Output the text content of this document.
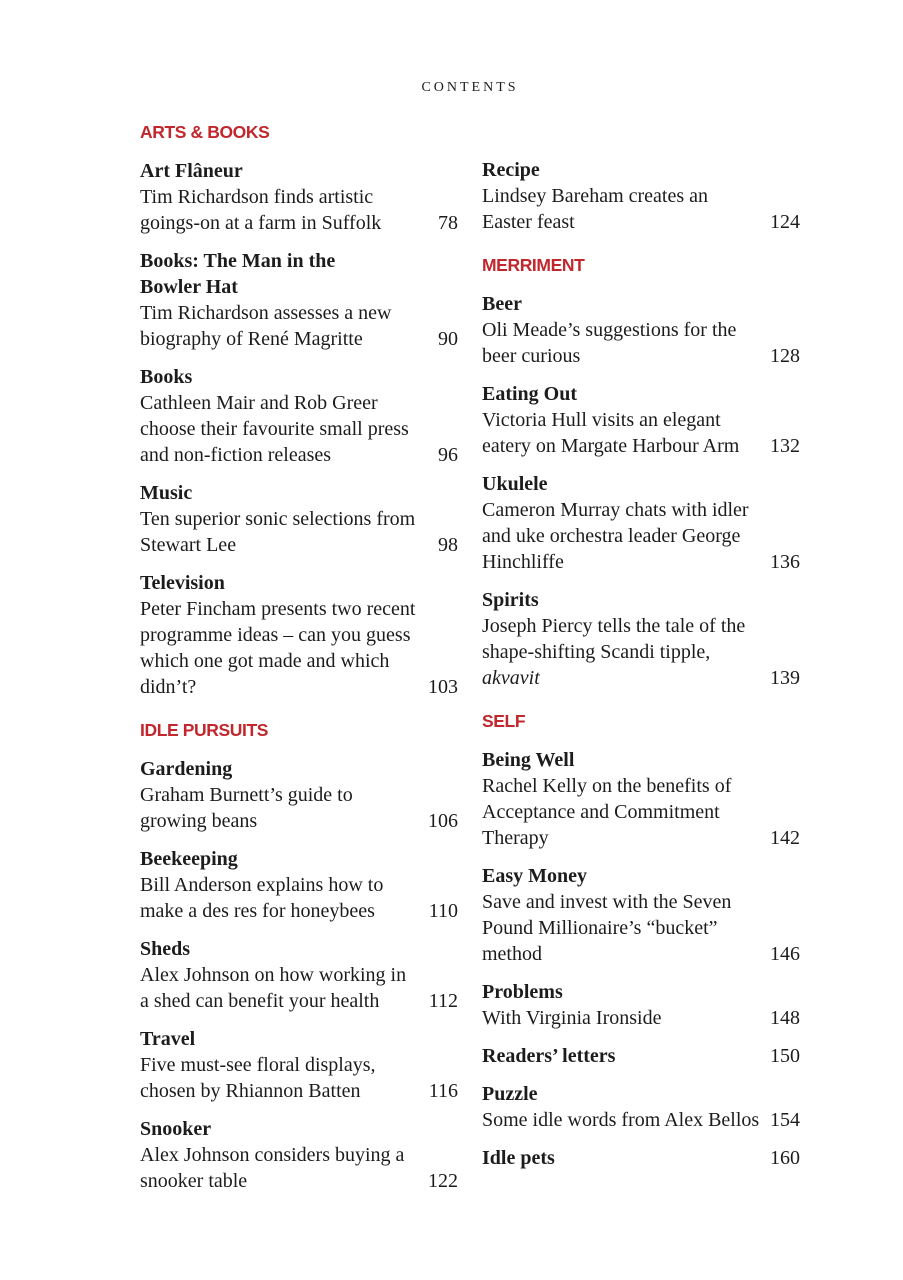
CONTENTS
ARTS & BOOKS
Art Flâneur
Tim Richardson finds artistic goings-on at a farm in Suffolk	78
Books: The Man in the Bowler Hat
Tim Richardson assesses a new biography of René Magritte	90
Books
Cathleen Mair and Rob Greer choose their favourite small press and non-fiction releases	96
Music
Ten superior sonic selections from Stewart Lee	98
Television
Peter Fincham presents two recent programme ideas – can you guess which one got made and which didn’t?	103
IDLE PURSUITS
Gardening
Graham Burnett’s guide to growing beans	106
Beekeeping
Bill Anderson explains how to make a des res for honeybees	110
Sheds
Alex Johnson on how working in a shed can benefit your health	112
Travel
Five must-see floral displays, chosen by Rhiannon Batten	116
Snooker
Alex Johnson considers buying a snooker table	122
Recipe
Lindsey Bareham creates an Easter feast	124
MERRIMENT
Beer
Oli Meade’s suggestions for the beer curious	128
Eating Out
Victoria Hull visits an elegant eatery on Margate Harbour Arm	132
Ukulele
Cameron Murray chats with idler and uke orchestra leader George Hinchliffe	136
Spirits
Joseph Piercy tells the tale of the shape-shifting Scandi tipple, akvavit	139
SELF
Being Well
Rachel Kelly on the benefits of Acceptance and Commitment Therapy	142
Easy Money
Save and invest with the Seven Pound Millionaire’s “bucket” method	146
Problems
With Virginia Ironside	148
Readers’ letters	150
Puzzle
Some idle words from Alex Bellos 154
Idle pets	160
